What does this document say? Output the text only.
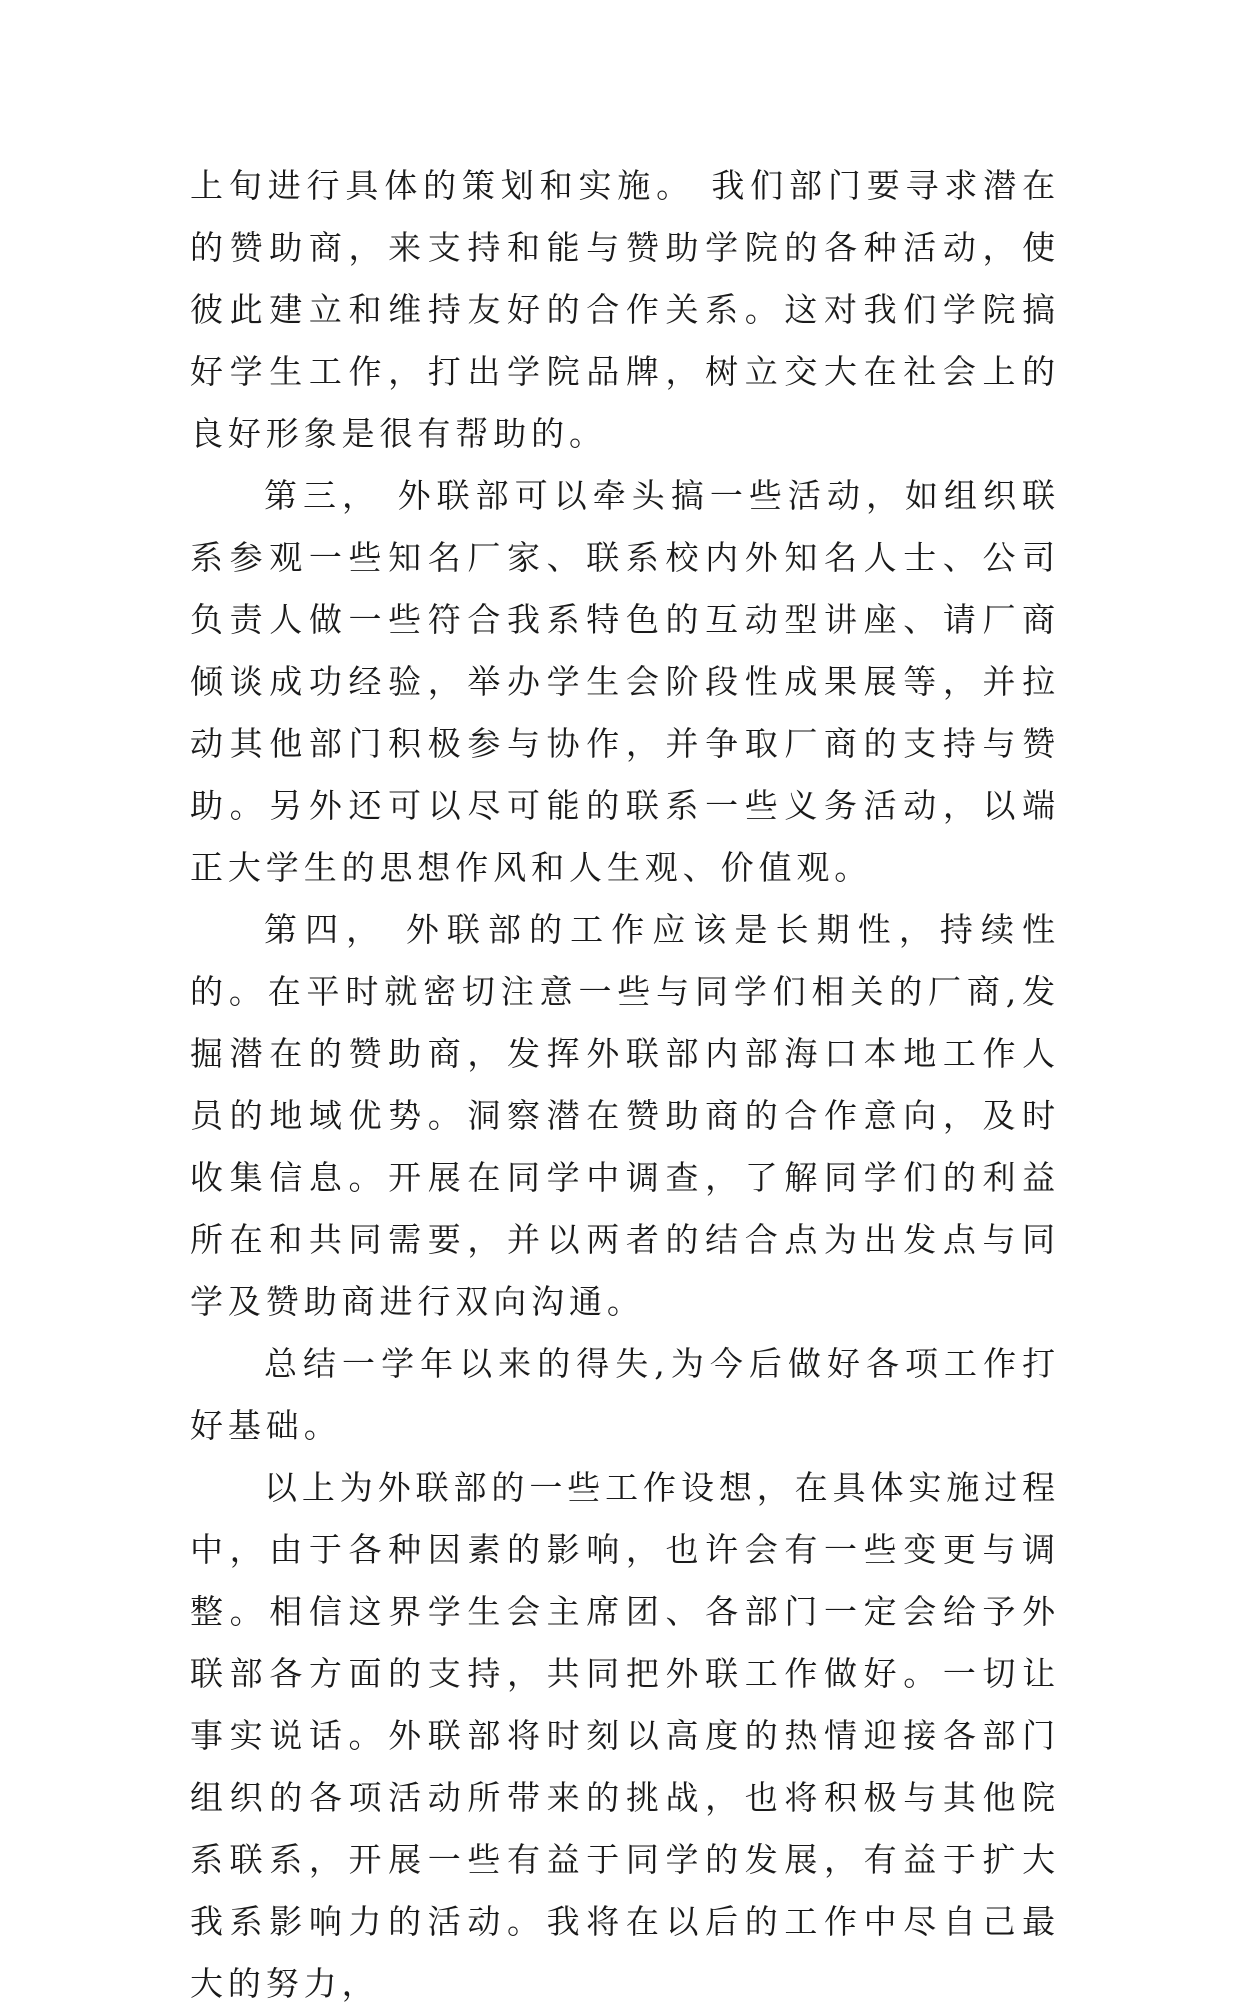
上旬进行具体的策划和实施。 我们部门要寻求潜在的赞助商，来支持和能与赞助学院的各种活动，使彼此建立和维持友好的合作关系。这对我们学院搞好学生工作，打出学院品牌，树立交大在社会上的良好形象是很有帮助的。

第三， 外联部可以牵头搞一些活动，如组织联系参观一些知名厂家、联系校内外知名人士、公司负责人做一些符合我系特色的互动型讲座、请厂商倾谈成功经验，举办学生会阶段性成果展等，并拉动其他部门积极参与协作，并争取厂商的支持与赞助。另外还可以尽可能的联系一些义务活动，以端正大学生的思想作风和人生观、价值观。

第四， 外联部的工作应该是长期性，持续性的。在平时就密切注意一些与同学们相关的厂商,发掘潜在的赞助商，发挥外联部内部海口本地工作人员的地域优势。洞察潜在赞助商的合作意向，及时收集信息。开展在同学中调查，了解同学们的利益所在和共同需要，并以两者的结合点为出发点与同学及赞助商进行双向沟通。

总结一学年以来的得失,为今后做好各项工作打好基础。

以上为外联部的一些工作设想，在具体实施过程中，由于各种因素的影响，也许会有一些变更与调整。相信这界学生会主席团、各部门一定会给予外联部各方面的支持，共同把外联工作做好。一切让事实说话。外联部将时刻以高度的热情迎接各部门组织的各项活动所带来的挑战，也将积极与其他院系联系，开展一些有益于同学的发展，有益于扩大我系影响力的活动。我将在以后的工作中尽自己最大的努力，
